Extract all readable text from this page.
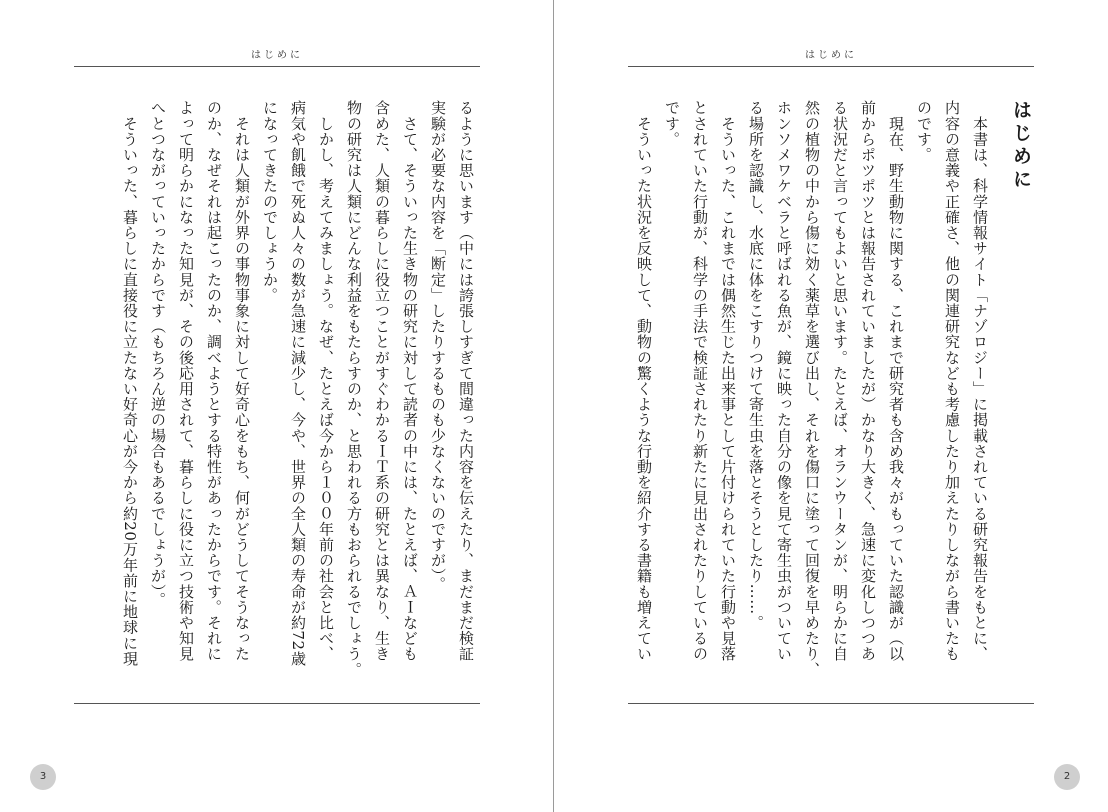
はじめに
るように思います（中には誇張しすぎて間違った内容を伝えたり、まだまだ検証
実験が必要な内容を「断定」したりするものも少なくないのですが）。
　さて、そういった生き物の研究に対して読者の中には、たとえば、ＡＩなども
含めた、人類の暮らしに役立つことがすぐわかるＩＴ系の研究とは異なり、生き
物の研究は人類にどんな利益をもたらすのか、と思われる方もおられるでしょう。
　しかし、考えてみましょう。なぜ、たとえば今から１００年前の社会と比べ、
病気や飢餓で死ぬ人々の数が急速に減少し、今や、世界の全人類の寿命が約72歳
になってきたのでしょうか。
　それは人類が外界の事物事象に対して好奇心をもち、何がどうしてそうなった
のか、なぜそれは起こったのか、調べようとする特性があったからです。それに
よって明らかになった知見が、その後応用されて、暮らしに役に立つ技術や知見
へとつながっていったからです（もちろん逆の場合もあるでしょうが）。
　そういった、暮らしに直接役に立たない好奇心が今から約20万年前に地球に現
3
はじめに
はじめに
　本書は、科学情報サイト「ナゾロジー」に掲載されている研究報告をもとに、
内容の意義や正確さ、他の関連研究なども考慮したり加えたりしながら書いたも
のです。
　現在、野生動物に関する、これまで研究者も含め我々がもっていた認識が（以
前からポツポツとは報告されていましたが）かなり大きく、急速に変化しつつあ
る状況だと言ってもよいと思います。たとえば、オランウータンが、明らかに自
然の植物の中から傷に効く薬草を選び出し、それを傷口に塗って回復を早めたり、
ホンソメワケベラと呼ばれる魚が、鏡に映った自分の像を見て寄生虫がついてい
る場所を認識し、水底に体をこすりつけて寄生虫を落とそうとしたり……。
　そういった、これまでは偶然生じた出来事として片付けられていた行動や見落
とされていた行動が、科学の手法で検証されたり新たに見出されたりしているの
です。
　そういった状況を反映して、動物の驚くような行動を紹介する書籍も増えてい
2
